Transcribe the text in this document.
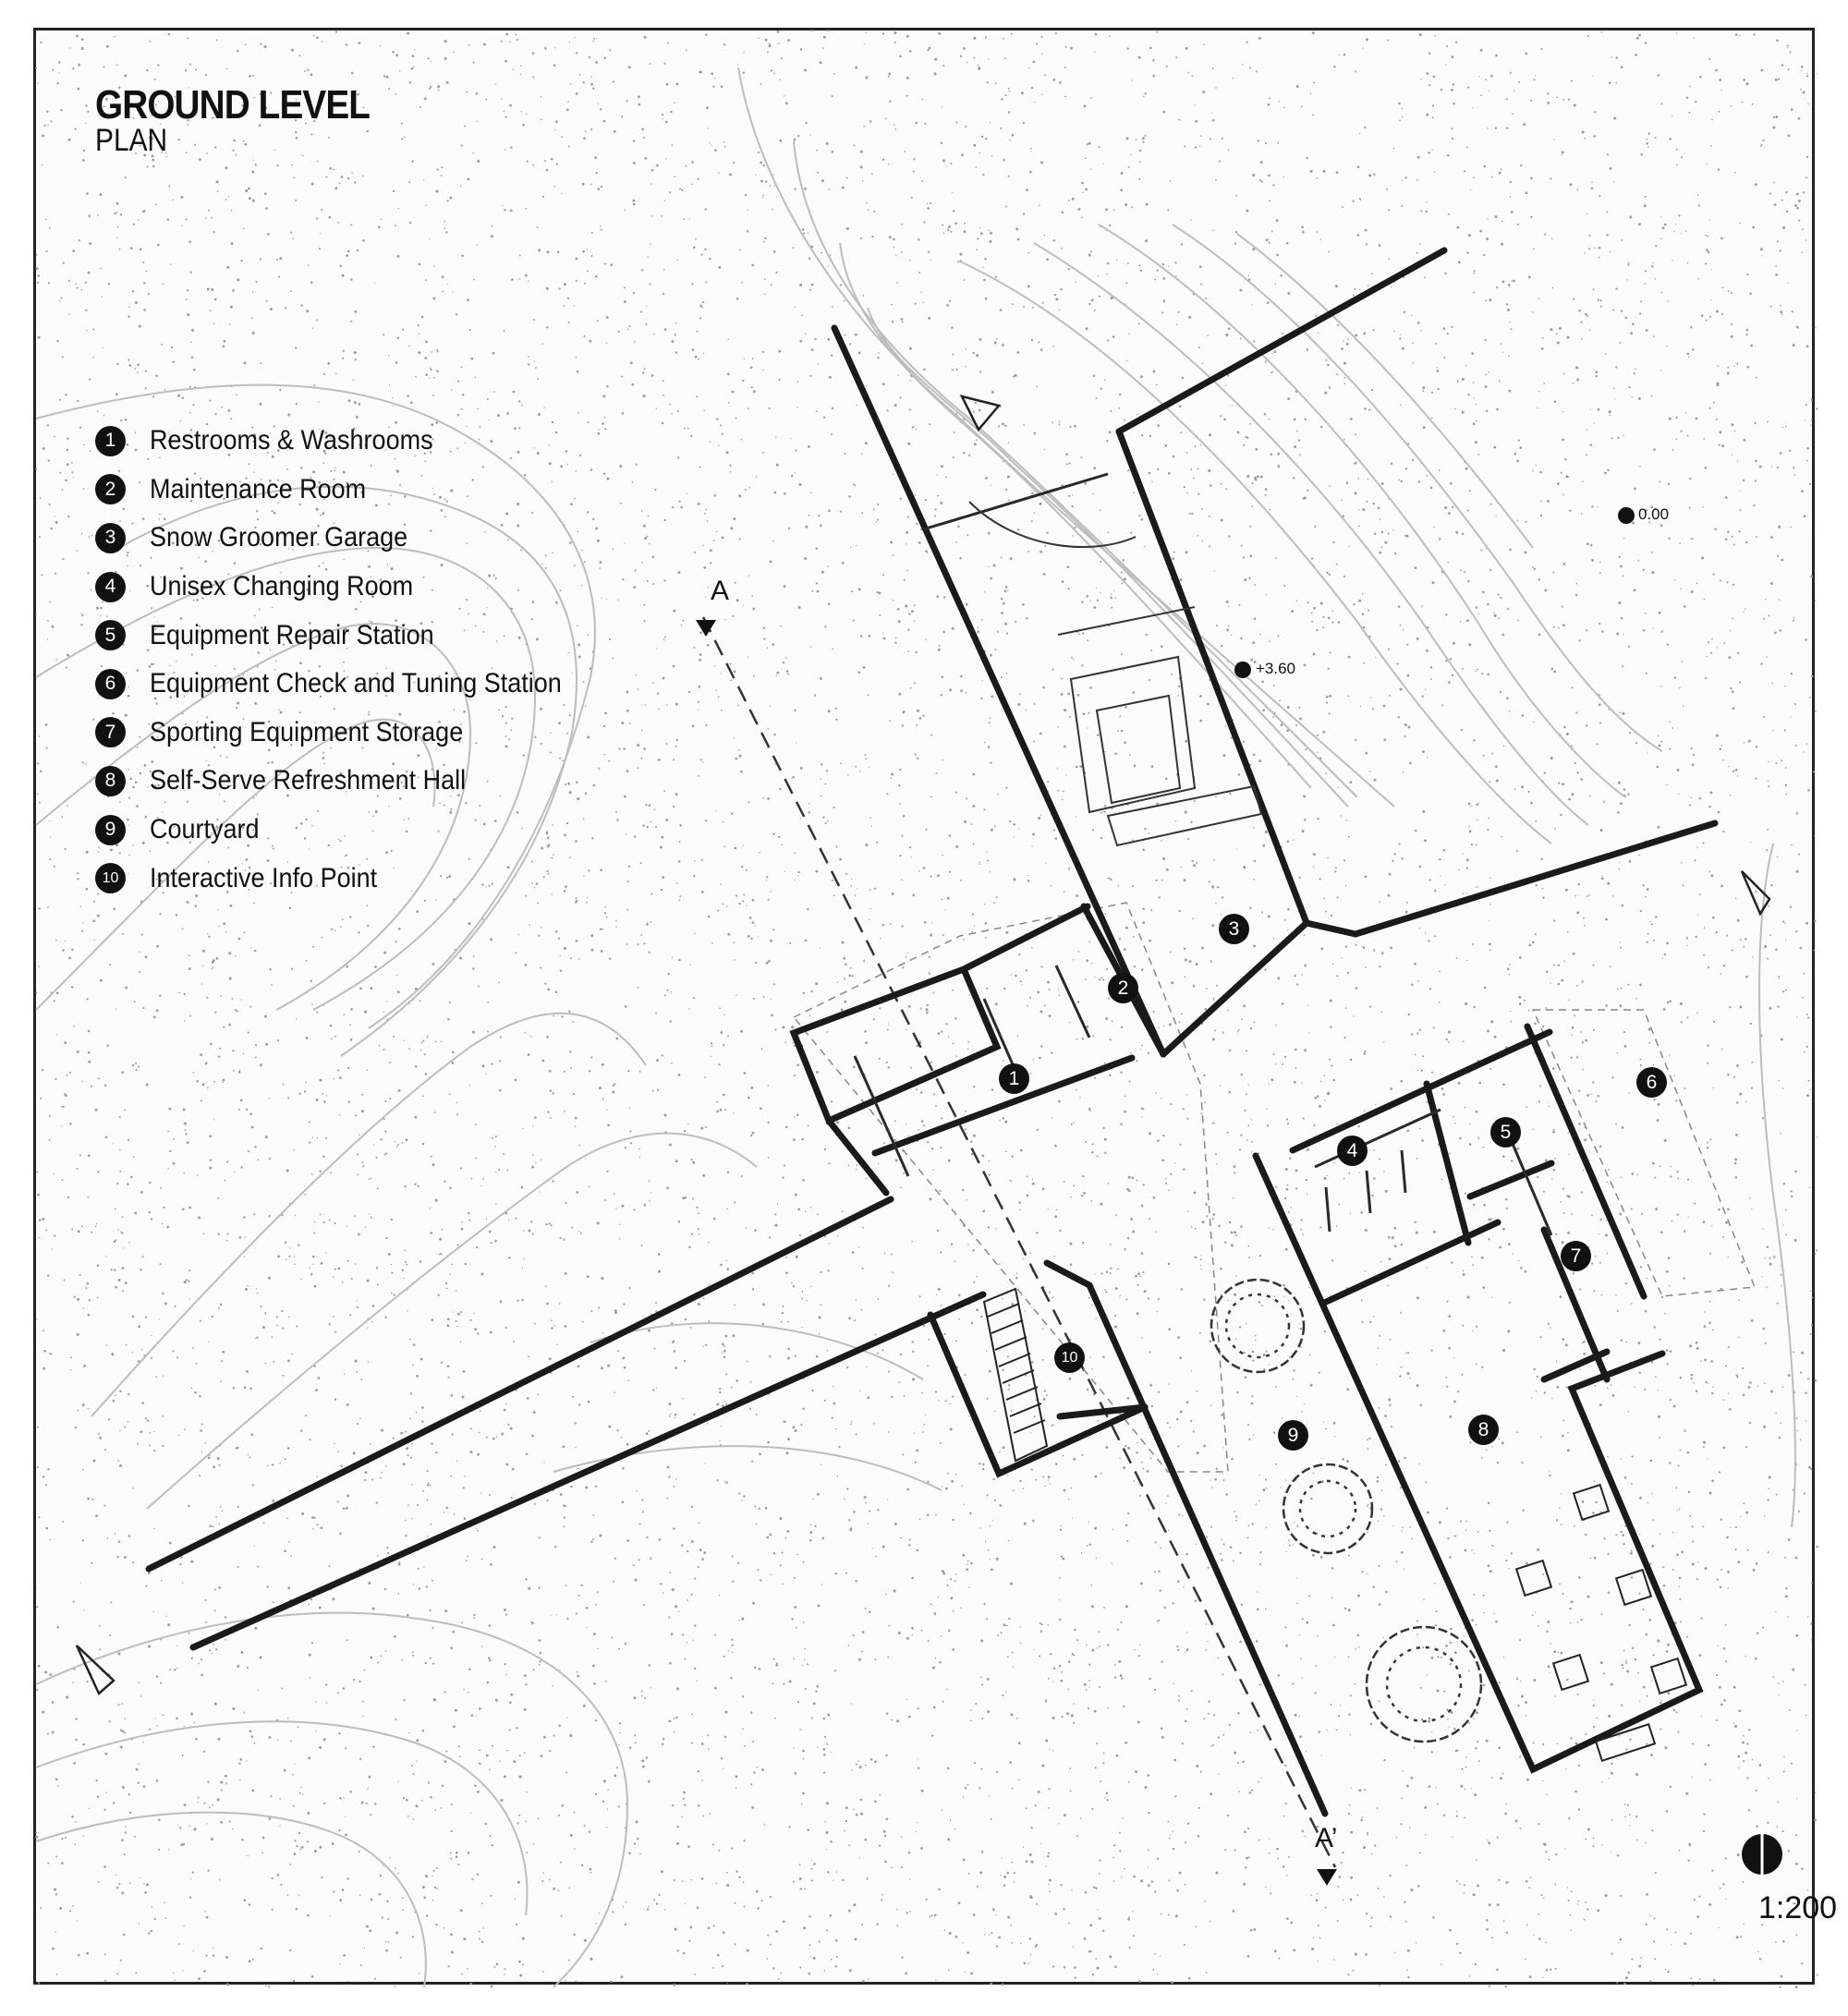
GROUND LEVEL
PLAN
1	Restrooms & Washrooms
2	Maintenance Room
3	Snow Groomer Garage
4	Unisex Changing Room
5	Equipment Repair Station
6	Equipment Check and Tuning Station
7	Sporting Equipment Storage
8	Self-Serve Refreshment Hall
9	Courtyard
10 Interactive Info Point
A
A’
0.00
+3.60
1
2
3
4
5
6
7
8
9
10
1:200
